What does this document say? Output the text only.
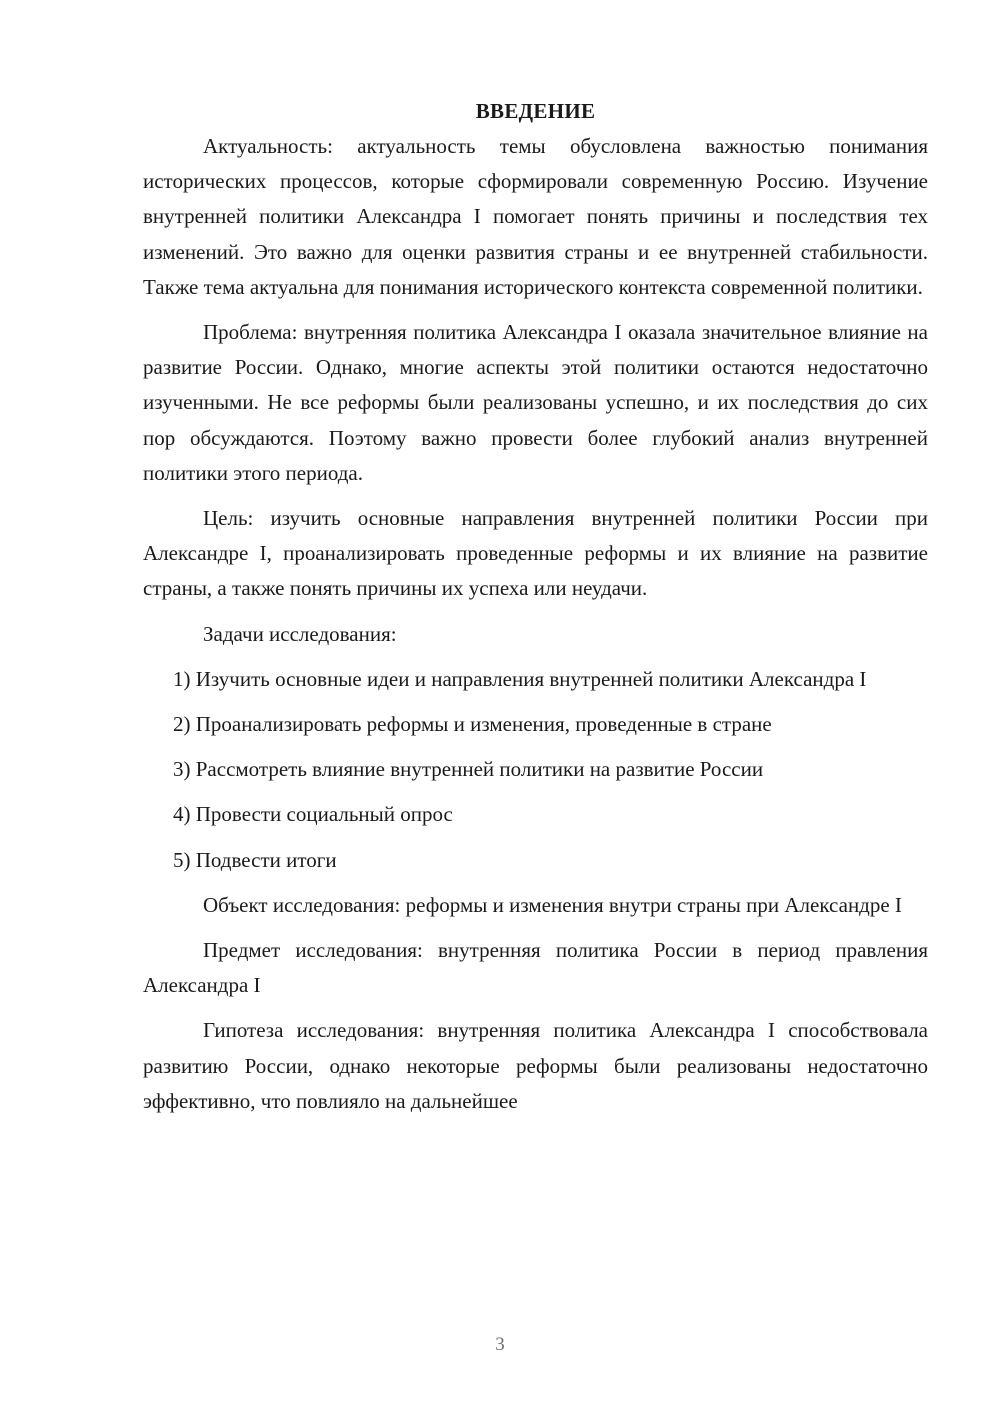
ВВЕДЕНИЕ

Актуальность: актуальность темы обусловлена важностью понимания исторических процессов, которые сформировали современную Россию. Изучение внутренней политики Александра I помогает понять причины и последствия тех изменений. Это важно для оценки развития страны и ее внутренней стабильности. Также тема актуальна для понимания исторического контекста современной политики.

Проблема: внутренняя политика Александра I оказала значительное влияние на развитие России. Однако, многие аспекты этой политики остаются недостаточно изученными. Не все реформы были реализованы успешно, и их последствия до сих пор обсуждаются. Поэтому важно провести более глубокий анализ внутренней политики этого периода.

Цель: изучить основные направления внутренней политики России при Александре I, проанализировать проведенные реформы и их влияние на развитие страны, а также понять причины их успеха или неудачи.

Задачи исследования:

1) Изучить основные идеи и направления внутренней политики Александра I

2) Проанализировать реформы и изменения, проведенные в стране

3) Рассмотреть влияние внутренней политики на развитие России

4) Провести социальный опрос

5) Подвести итоги

Объект исследования: реформы и изменения внутри страны при Александре I

Предмет исследования: внутренняя политика России в период правления Александра I

Гипотеза исследования: внутренняя политика Александра I способствовала развитию России, однако некоторые реформы были реализованы недостаточно эффективно, что повлияло на дальнейшее

3
